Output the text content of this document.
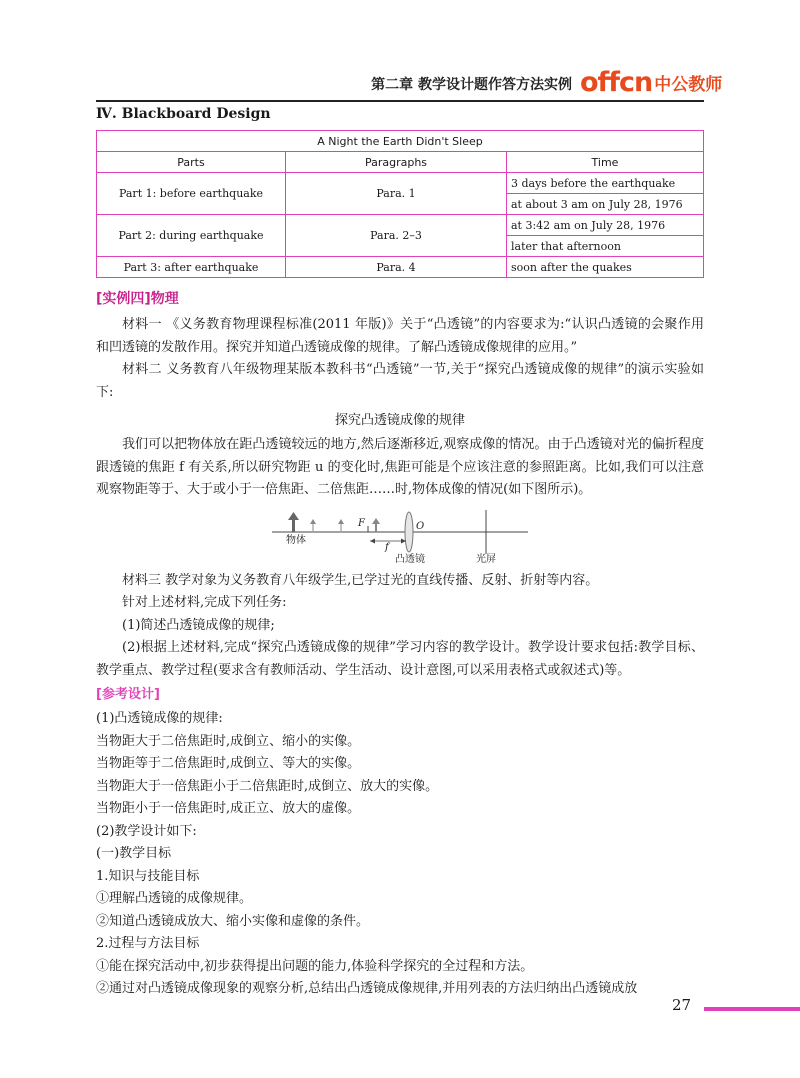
第二章 教学设计题作答方法实例 offcn 中公教师
Ⅳ. Blackboard Design
A Night the Earth Didn't Sleep		
Parts	Paragraphs	Time
Part 1: before earthquake	Para. 1	3 days before the earthquake
		at about 3 am on July 28, 1976
Part 2: during earthquake	Para. 2–3	at 3:42 am on July 28, 1976
		later that afternoon
Part 3: after earthquake	Para. 4	soon after the quakes
[实例四]物理

材料一 《义务教育物理课程标准(2011 年版)》关于“凸透镜”的内容要求为:“认识凸透镜的会聚作用和凹透镜的发散作用。探究并知道凸透镜成像的规律。了解凸透镜成像规律的应用。”

材料二 义务教育八年级物理某版本教科书“凸透镜”一节,关于“探究凸透镜成像的规律”的演示实验如下:

探究凸透镜成像的规律

我们可以把物体放在距凸透镜较远的地方,然后逐渐移近,观察成像的情况。由于凸透镜对光的偏折程度跟透镜的焦距 f 有关系,所以研究物距 u 的变化时,焦距可能是个应该注意的参照距离。比如,我们可以注意观察物距等于、大于或小于一倍焦距、二倍焦距……时,物体成像的情况(如下图所示)。

物体
F	O
f
凸透镜	光屏

材料三 教学对象为义务教育八年级学生,已学过光的直线传播、反射、折射等内容。

针对上述材料,完成下列任务:

(1)简述凸透镜成像的规律;

(2)根据上述材料,完成“探究凸透镜成像的规律”学习内容的教学设计。教学设计要求包括:教学目标、教学重点、教学过程(要求含有教师活动、学生活动、设计意图,可以采用表格式或叙述式)等。

[参考设计]

(1)凸透镜成像的规律:

当物距大于二倍焦距时,成倒立、缩小的实像。

当物距等于二倍焦距时,成倒立、等大的实像。

当物距大于一倍焦距小于二倍焦距时,成倒立、放大的实像。

当物距小于一倍焦距时,成正立、放大的虚像。

(2)教学设计如下:

(一)教学目标

1.知识与技能目标

①理解凸透镜的成像规律。

②知道凸透镜成放大、缩小实像和虚像的条件。

2.过程与方法目标

①能在探究活动中,初步获得提出问题的能力,体验科学探究的全过程和方法。

②通过对凸透镜成像现象的观察分析,总结出凸透镜成像规律,并用列表的方法归纳出凸透镜成放

27
